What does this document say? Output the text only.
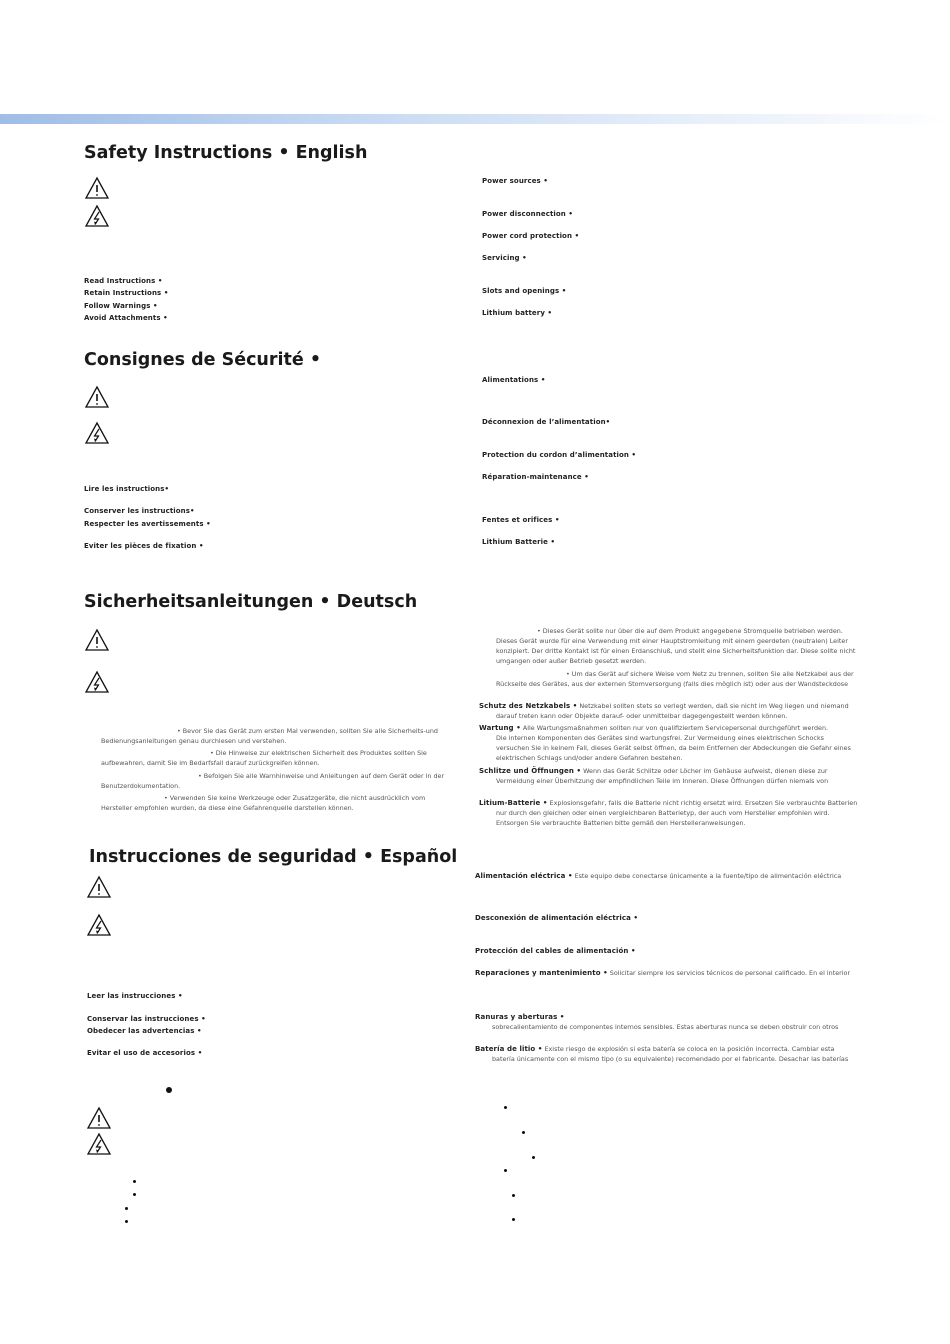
Safety Instructions • English
Read Instructions •
Retain Instructions •
Follow Warnings •
Avoid Attachments •
Power sources •
Power disconnection •
Power cord protection •
Servicing •
Slots and openings •
Lithium battery •
Consignes de Sécurité •
Lire les instructions•
Conserver les instructions•
Respecter les avertissements •
Eviter les pièces de fixation •
Alimentations •
Déconnexion de l’alimentation•
Protection du cordon d’alimentation •
Réparation-maintenance •
Fentes et orifices •
Lithium Batterie •
Sicherheitsanleitungen • Deutsch
• Bevor Sie das Gerät zum ersten Mal verwenden, sollten Sie alle Sicherheits-und
Bedienungsanleitungen genau durchlesen und verstehen.
• Die Hinweise zur elektrischen Sicherheit des Produktes sollten Sie
aufbewahren, damit Sie im Bedarfsfall darauf zurückgreifen können.
• Befolgen Sie alle Warnhinweise und Anleitungen auf dem Gerät oder in der
Benutzerdokumentation.
• Verwenden Sie keine Werkzeuge oder Zusatzgeräte, die nicht ausdrücklich vom
Hersteller empfohlen wurden, da diese eine Gefahrenquelle darstellen können.
• Dieses Gerät sollte nur über die auf dem Produkt angegebene Stromquelle betrieben werden.
Dieses Gerät wurde für eine Verwendung mit einer Hauptstromleitung mit einem geerdeten (neutralen) Leiter
konzipiert. Der dritte Kontakt ist für einen Erdanschluß, und stellt eine Sicherheitsfunktion dar. Diese sollte nicht
umgangen oder außer Betrieb gesetzt werden.
• Um das Gerät auf sichere Weise vom Netz zu trennen, sollten Sie alle Netzkabel aus der
Rückseite des Gerätes, aus der externen Stomversorgung (falls dies möglich ist) oder aus der Wandsteckdose
Schutz des Netzkabels • Netzkabel sollten stets so verlegt werden, daß sie nicht im Weg liegen und niemand
darauf treten kann oder Objekte darauf- oder unmittelbar dagegengestellt werden können.
Wartung • Alle Wartungsmaßnahmen sollten nur von qualifiziertem Servicepersonal durchgeführt werden.
Die internen Komponenten des Gerätes sind wartungsfrei. Zur Vermeidung eines elektrischen Schocks
versuchen Sie in keinem Fall, dieses Gerät selbst öffnen, da beim Entfernen der Abdeckungen die Gefahr eines
elektrischen Schlags und/oder andere Gefahren bestehen.
Schlitze und Öffnungen • Wenn das Gerät Schlitze oder Löcher im Gehäuse aufweist, dienen diese zur
Vermeidung einer Überhitzung der empfindlichen Teile im Inneren. Diese Öffnungen dürfen niemals von
Litium-Batterie • Explosionsgefahr, falls die Batterie nicht richtig ersetzt wird. Ersetzen Sie verbrauchte Batterien
nur durch den gleichen oder einen vergleichbaren Batterietyp, der auch vom Hersteller empfohlen wird.
Entsorgen Sie verbrauchte Batterien bitte gemäß den Herstelleranweisungen.
Instrucciones de seguridad • Español
Leer las instrucciones •
Conservar las instrucciones •
Obedecer las advertencias •
Evitar el uso de accesorios •
Alimentación eléctrica • Este equipo debe conectarse únicamente a la fuente/tipo de alimentación eléctrica
Desconexión de alimentación eléctrica •
Protección del cables de alimentación •
Reparaciones y mantenimiento • Solicitar siempre los servicios técnicos de personal calificado. En el interior
Ranuras y aberturas •
sobrecalientamiento de componentes internos sensibles. Estas aberturas nunca se deben obstruir con otros
Batería de litio • Existe riesgo de explosión si esta batería se coloca en la posición incorrecta. Cambiar esta
batería únicamente con el mismo tipo (o su equivalente) recomendado por el fabricante. Desachar las baterías
